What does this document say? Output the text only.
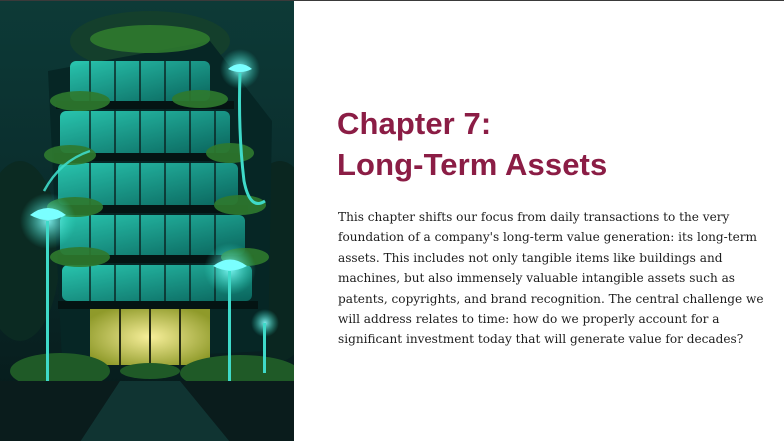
Chapter 7:
Long-Term Assets

This chapter shifts our focus from daily transactions to the very foundation of a company's long-term value generation: its long-term assets. This includes not only tangible items like buildings and machines, but also immensely valuable intangible assets such as patents, copyrights, and brand recognition. The central challenge we will address relates to time: how do we properly account for a significant investment today that will generate value for decades?
